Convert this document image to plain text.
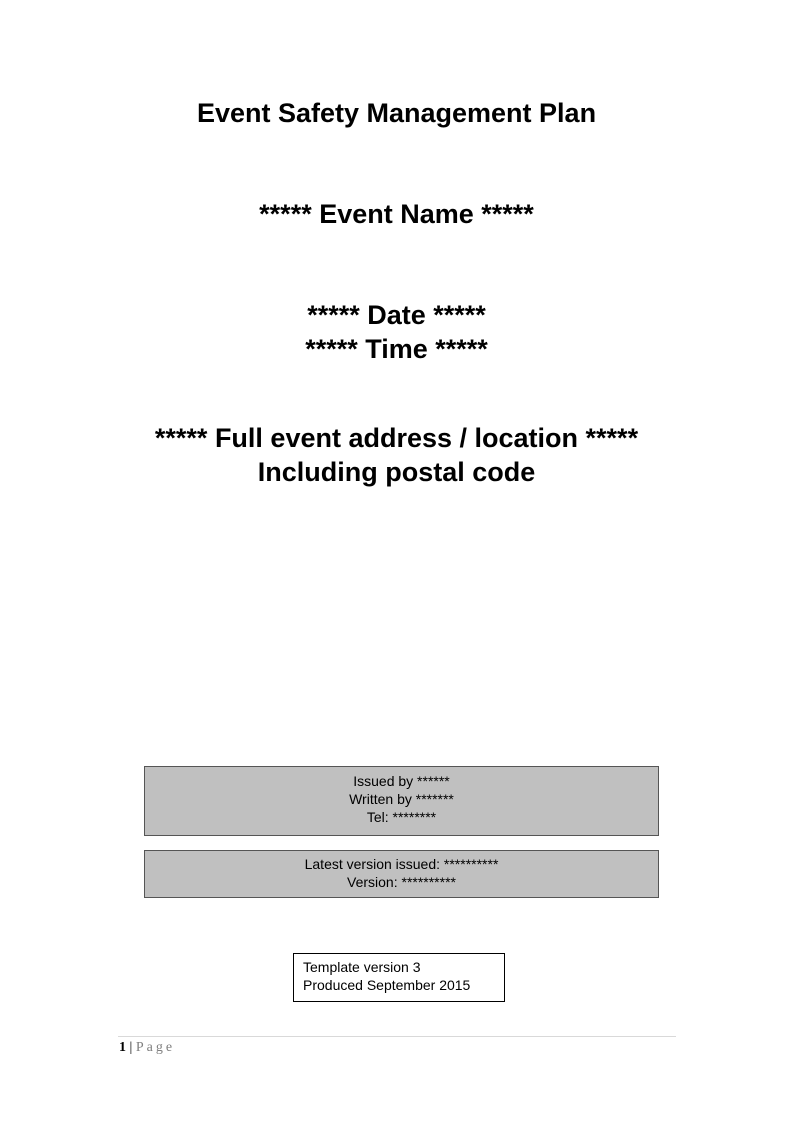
Event Safety Management Plan
***** Event Name *****
***** Date *****
***** Time *****
***** Full event address / location *****
Including postal code
Issued by ******
Written by *******
Tel: ********
Latest version issued: **********
Version: **********
Template version 3
Produced September 2015
1 | Page
